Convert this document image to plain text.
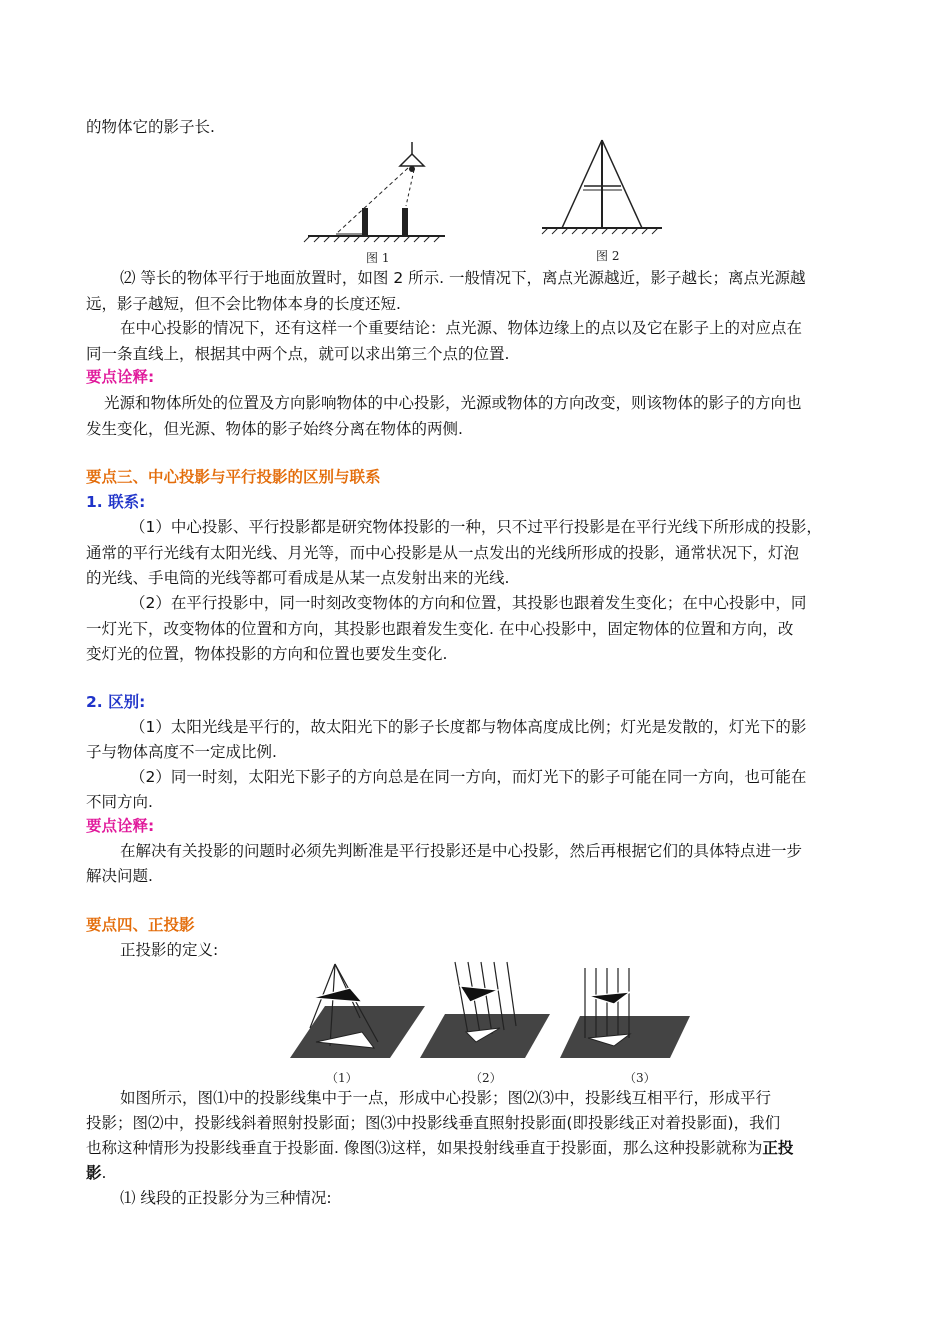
的物体它的影子长.
图 1	图 2
⑵ 等长的物体平行于地面放置时，如图 2 所示. 一般情况下，离点光源越近，影子越长；离点光源越
远，影子越短，但不会比物体本身的长度还短.
在中心投影的情况下，还有这样一个重要结论：点光源、物体边缘上的点以及它在影子上的对应点在
同一条直线上，根据其中两个点，就可以求出第三个点的位置.
要点诠释:
光源和物体所处的位置及方向影响物体的中心投影，光源或物体的方向改变，则该物体的影子的方向也
发生变化，但光源、物体的影子始终分离在物体的两侧.
要点三、中心投影与平行投影的区别与联系
1. 联系:
（1）中心投影、平行投影都是研究物体投影的一种，只不过平行投影是在平行光线下所形成的投影，
通常的平行光线有太阳光线、月光等，而中心投影是从一点发出的光线所形成的投影，通常状况下，灯泡
的光线、手电筒的光线等都可看成是从某一点发射出来的光线.
（2）在平行投影中，同一时刻改变物体的方向和位置，其投影也跟着发生变化；在中心投影中，同
一灯光下，改变物体的位置和方向，其投影也跟着发生变化. 在中心投影中，固定物体的位置和方向，改
变灯光的位置，物体投影的方向和位置也要发生变化.
2. 区别:
（1）太阳光线是平行的，故太阳光下的影子长度都与物体高度成比例；灯光是发散的，灯光下的影
子与物体高度不一定成比例.
（2）同一时刻，太阳光下影子的方向总是在同一方向，而灯光下的影子可能在同一方向，也可能在
不同方向.
要点诠释:
在解决有关投影的问题时必须先判断准是平行投影还是中心投影，然后再根据它们的具体特点进一步
解决问题.
要点四、正投影
正投影的定义:
（1）	（2）	（3）
如图所示，图⑴中的投影线集中于一点，形成中心投影；图⑵⑶中，投影线互相平行，形成平行
投影；图⑵中，投影线斜着照射投影面；图⑶中投影线垂直照射投影面(即投影线正对着投影面)，我们
也称这种情形为投影线垂直于投影面. 像图⑶这样，如果投射线垂直于投影面，那么这种投影就称为正投
影.
⑴ 线段的正投影分为三种情况:
